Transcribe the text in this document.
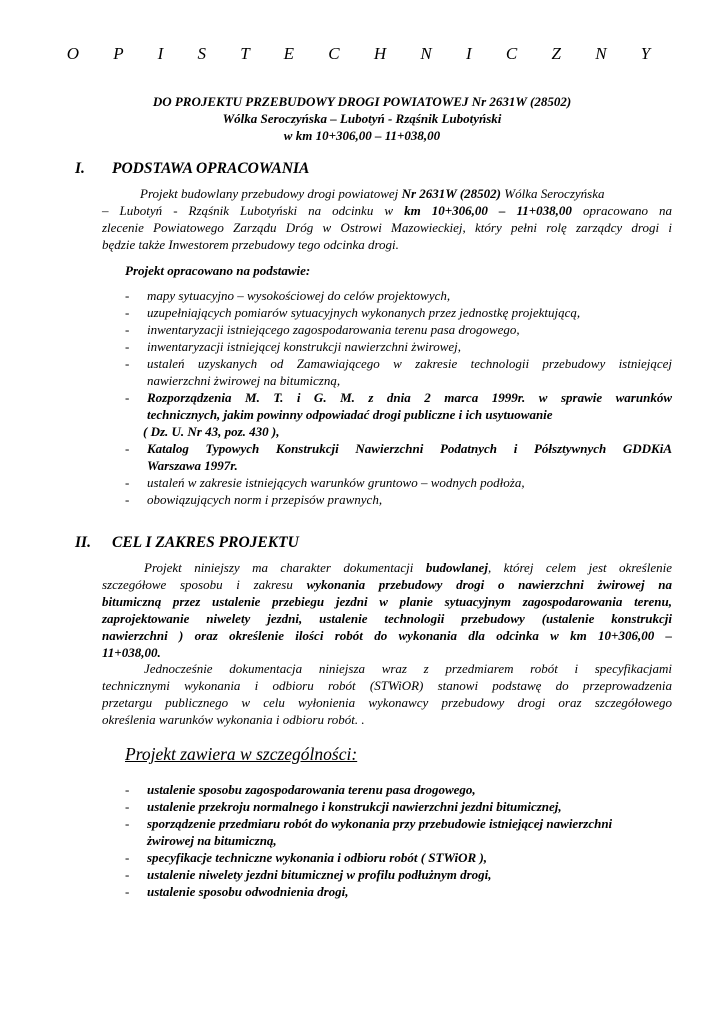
O P I S T E C H N I C Z N Y
DO PROJEKTU PRZEBUDOWY DROGI POWIATOWEJ Nr 2631W (28502)
Wólka Seroczyńska – Lubotyń - Rząśnik Lubotyński
w km 10+306,00 – 11+038,00
I. PODSTAWA OPRACOWANIA
Projekt budowlany przebudowy drogi powiatowej Nr 2631W (28502) Wólka Seroczyńska
– Lubotyń - Rząśnik Lubotyński na odcinku w km 10+306,00 – 11+038,00 opracowano na
zlecenie Powiatowego Zarządu Dróg w Ostrowi Mazowieckiej, który pełni rolę zarządcy drogi i
będzie także Inwestorem przebudowy tego odcinka drogi.
Projekt opracowano na podstawie:
- mapy sytuacyjno – wysokościowej do celów projektowych,
- uzupełniających pomiarów sytuacyjnych wykonanych przez jednostkę projektującą,
- inwentaryzacji istniejącego zagospodarowania terenu pasa drogowego,
- inwentaryzacji istniejącej konstrukcji nawierzchni żwirowej,
- ustaleń uzyskanych od Zamawiającego w zakresie technologii przebudowy istniejącej
nawierzchni żwirowej na bitumiczną,
- Rozporządzenia M. T. i G. M. z dnia 2 marca 1999r. w sprawie warunków
technicznych, jakim powinny odpowiadać drogi publiczne i ich usytuowanie
( Dz. U. Nr 43, poz. 430 ),
- Katalog Typowych Konstrukcji Nawierzchni Podatnych i Półsztywnych GDDKiA
Warszawa 1997r.
- ustaleń w zakresie istniejących warunków gruntowo – wodnych podłoża,
- obowiązujących norm i przepisów prawnych,
II. CEL I ZAKRES PROJEKTU
Projekt niniejszy ma charakter dokumentacji budowlanej, której celem jest określenie
szczegółowe sposobu i zakresu wykonania przebudowy drogi o nawierzchni żwirowej na
bitumiczną przez ustalenie przebiegu jezdni w planie sytuacyjnym zagospodarowania terenu,
zaprojektowanie niwelety jezdni, ustalenie technologii przebudowy (ustalenie konstrukcji
nawierzchni ) oraz określenie ilości robót do wykonania dla odcinka w km 10+306,00 –
11+038,00.
Jednocześnie dokumentacja niniejsza wraz z przedmiarem robót i specyfikacjami
technicznymi wykonania i odbioru robót (STWiOR) stanowi podstawę do przeprowadzenia
przetargu publicznego w celu wyłonienia wykonawcy przebudowy drogi oraz szczegółowego
określenia warunków wykonania i odbioru robót. .
Projekt zawiera w szczególności:
- ustalenie sposobu zagospodarowania terenu pasa drogowego,
- ustalenie przekroju normalnego i konstrukcji nawierzchni jezdni bitumicznej,
- sporządzenie przedmiaru robót do wykonania przy przebudowie istniejącej nawierzchni
żwirowej na bitumiczną,
- specyfikacje techniczne wykonania i odbioru robót ( STWiOR ),
- ustalenie niwelety jezdni bitumicznej w profilu podłużnym drogi,
- ustalenie sposobu odwodnienia drogi,
